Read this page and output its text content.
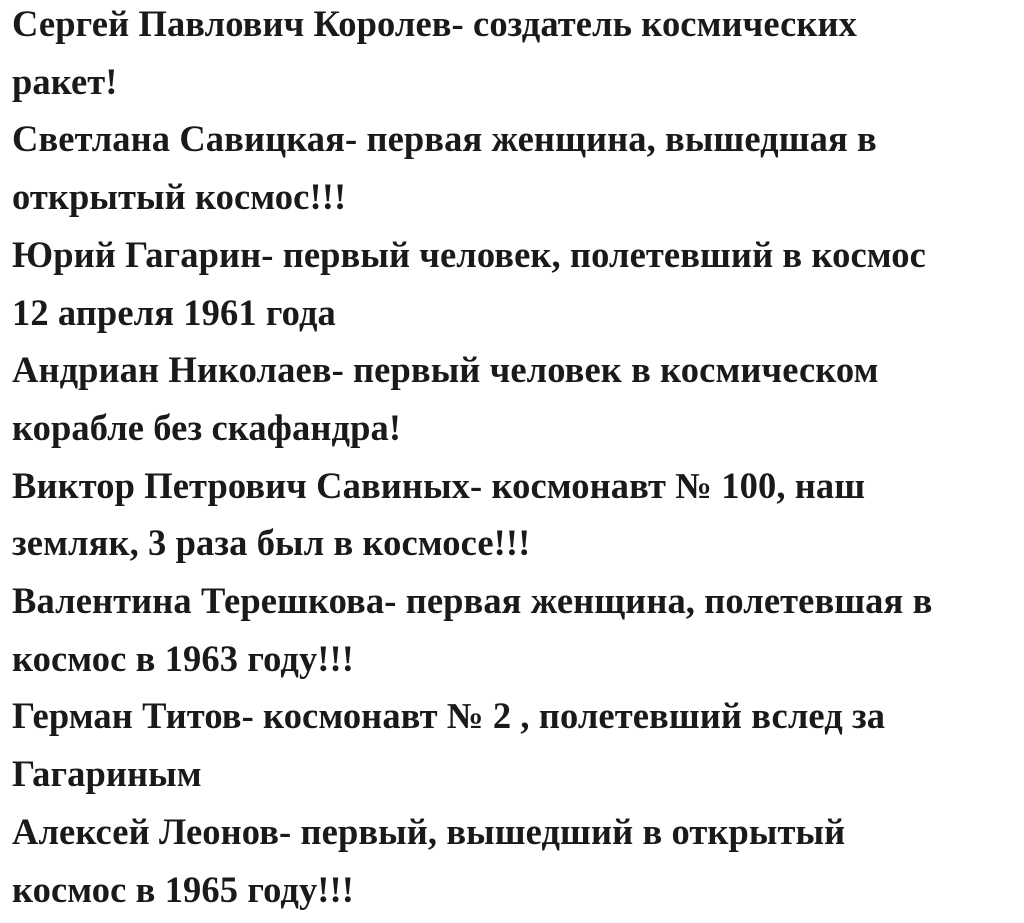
Сергей Павлович Королев- создатель космических
ракет!
Светлана Савицкая- первая женщина, вышедшая в
открытый космос!!!
Юрий Гагарин- первый человек, полетевший в космос
12 апреля 1961 года
Андриан Николаев- первый человек в космическом
корабле без скафандра!
Виктор Петрович Савиных- космонавт № 100, наш
земляк, 3 раза был в космосе!!!
Валентина Терешкова- первая женщина, полетевшая в
космос в 1963 году!!!
Герман Титов- космонавт № 2 , полетевший вслед за
Гагариным
Алексей Леонов- первый, вышедший в открытый
космос в 1965 году!!!
